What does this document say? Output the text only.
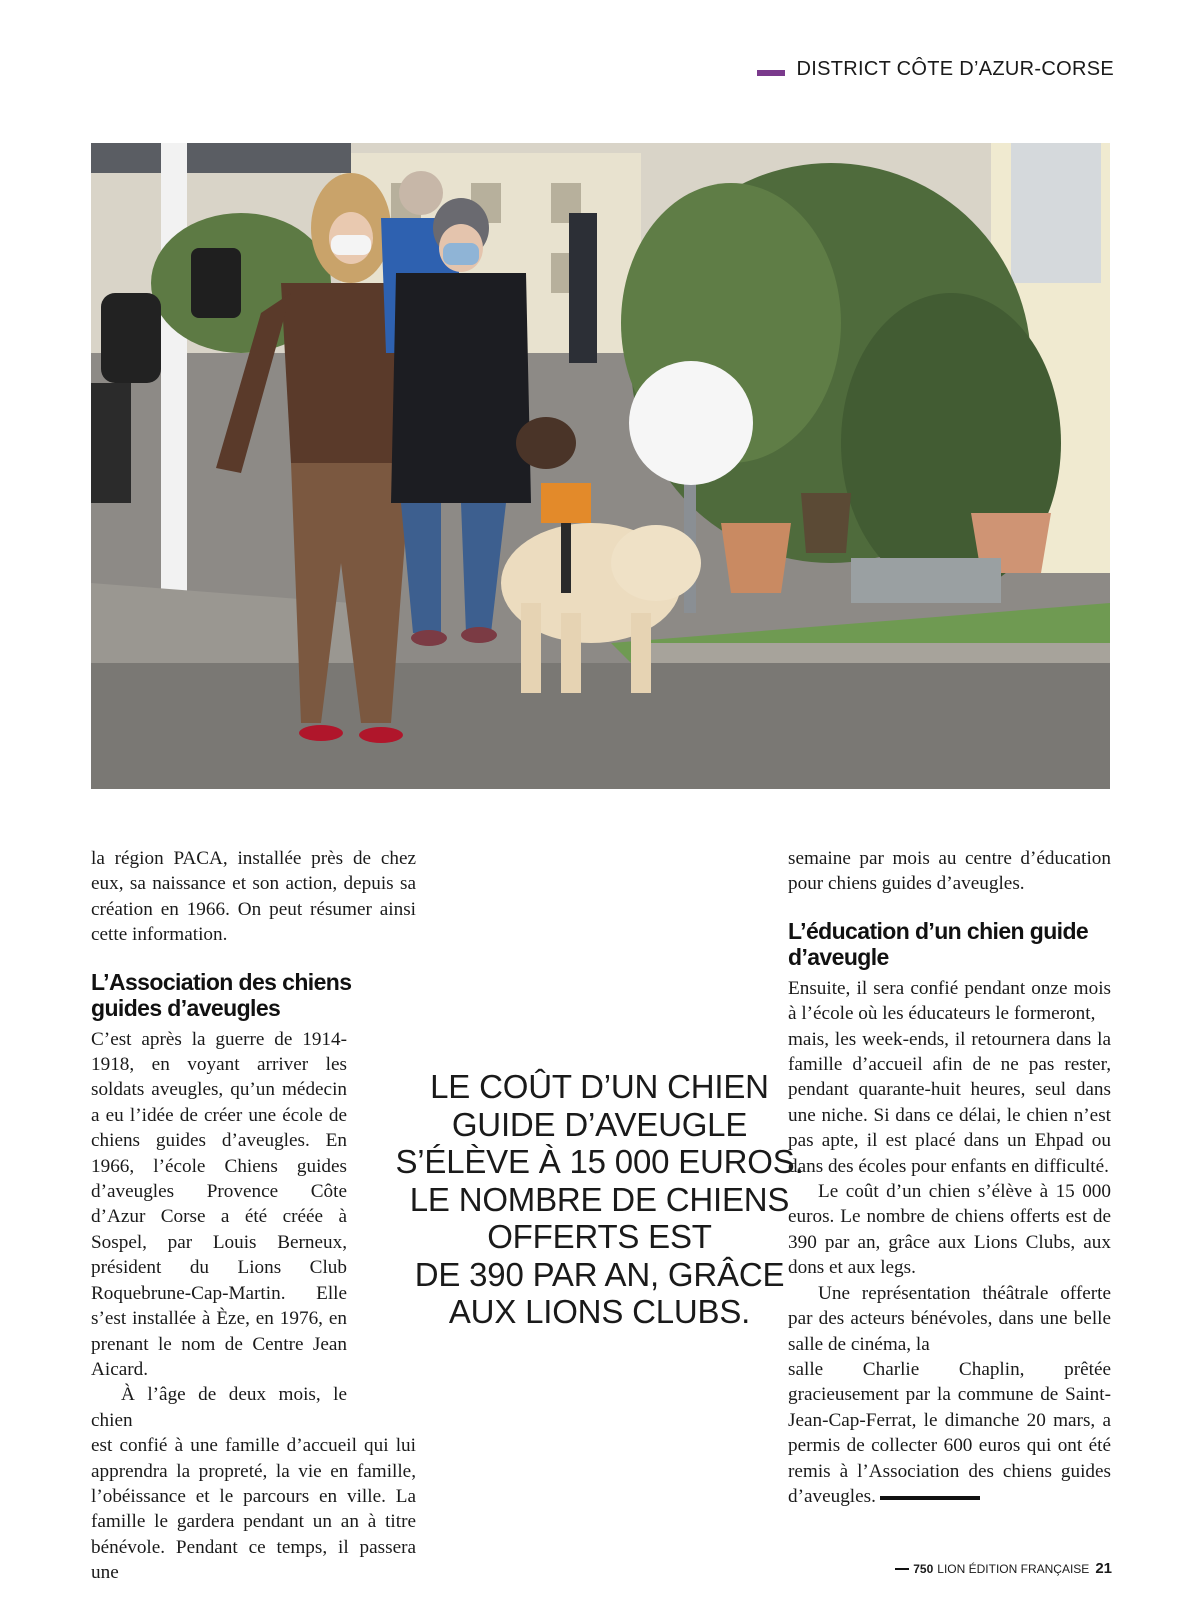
DISTRICT CÔTE D’AZUR-CORSE

la région PACA, installée près de chez eux, sa naissance et son action, depuis sa création en 1966. On peut résumer ainsi cette information.

L’Association des chiens guides d’aveugles

C’est après la guerre de 1914-1918, en voyant arriver les soldats aveugles, qu’un médecin a eu l’idée de créer une école de chiens guides d’aveugles. En 1966, l’école Chiens guides d’aveugles Provence Côte d’Azur Corse a été créée à Sospel, par Louis Berneux, président du Lions Club Roquebrune-Cap-Martin. Elle s’est installée à Èze, en 1976, en prenant le nom de Centre Jean Aicard.

À l’âge de deux mois, le chien

est confié à une famille d’accueil qui lui apprendra la propreté, la vie en famille, l’obéissance et le parcours en ville. La famille le gardera pendant un an à titre bénévole. Pendant ce temps, il passera une

LE COÛT D’UN CHIEN
GUIDE D’AVEUGLE
S’ÉLÈVE À 15 000 EUROS.
LE NOMBRE DE CHIENS
OFFERTS EST
DE 390 PAR AN, GRÂCE
AUX LIONS CLUBS.

semaine par mois au centre d’éducation pour chiens guides d’aveugles.

L’éducation d’un chien guide d’aveugle

Ensuite, il sera confié pendant onze mois à l’école où les éducateurs le formeront,

mais, les week-ends, il retournera dans la famille d’accueil afin de ne pas rester, pendant quarante-huit heures, seul dans une niche. Si dans ce délai, le chien n’est pas apte, il est placé dans un Ehpad ou dans des écoles pour enfants en difficulté.

Le coût d’un chien s’élève à 15 000 euros. Le nombre de chiens offerts est de 390 par an, grâce aux Lions Clubs, aux dons et aux legs.

Une représentation théâtrale offerte par des acteurs bénévoles, dans une belle salle de cinéma, la

salle Charlie Chaplin, prêtée gracieusement par la commune de Saint-Jean-Cap-Ferrat, le dimanche 20 mars, a permis de collecter 600 euros qui ont été remis à l’Association des chiens guides d’aveugles.

750 LION ÉDITION FRANÇAISE 21
